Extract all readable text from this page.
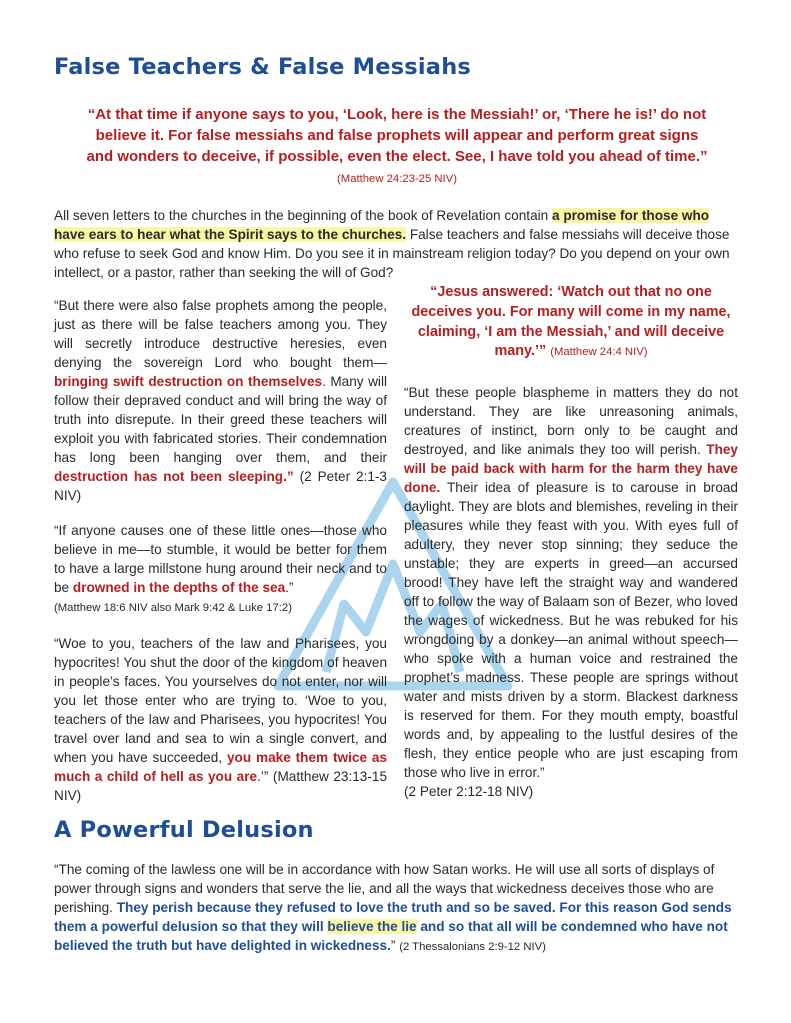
False Teachers & False Messiahs
“At that time if anyone says to you, ‘Look, here is the Messiah!’ or, ‘There he is!’ do not believe it. For false messiahs and false prophets will appear and perform great signs and wonders to deceive, if possible, even the elect. See, I have told you ahead of time.” (Matthew 24:23-25 NIV)
All seven letters to the churches in the beginning of the book of Revelation contain a promise for those who have ears to hear what the Spirit says to the churches. False teachers and false messiahs will deceive those who refuse to seek God and know Him. Do you see it in mainstream religion today? Do you depend on your own intellect, or a pastor, rather than seeking the will of God?

“But there were also false prophets among the people, just as there will be false teachers among you. They will secretly introduce destructive heresies, even denying the sovereign Lord who bought them—bringing swift destruction on themselves. Many will follow their depraved conduct and will bring the way of truth into disrepute. In their greed these teachers will exploit you with fabricated stories. Their condemnation has long been hanging over them, and their destruction has not been sleeping.” (2 Peter 2:1-3 NIV)

“If anyone causes one of these little ones—those who believe in me—to stumble, it would be better for them to have a large millstone hung around their neck and to be drowned in the depths of the sea.”
(Matthew 18:6 NIV also Mark 9:42 & Luke 17:2)

“Woe to you, teachers of the law and Pharisees, you hypocrites! You shut the door of the kingdom of heaven in people’s faces. You yourselves do not enter, nor will you let those enter who are trying to. ‘Woe to you, teachers of the law and Pharisees, you hypocrites! You travel over land and sea to win a single convert, and when you have succeeded, you make them twice as much a child of hell as you are.’” (Matthew 23:13-15 NIV)

“Jesus answered: ‘Watch out that no one deceives you. For many will come in my name, claiming, ‘I am the Messiah,’ and will deceive many.’” (Matthew 24:4 NIV)

“But these people blaspheme in matters they do not understand. They are like unreasoning animals, creatures of instinct, born only to be caught and destroyed, and like animals they too will perish. They will be paid back with harm for the harm they have done. Their idea of pleasure is to carouse in broad daylight. They are blots and blemishes, reveling in their pleasures while they feast with you. With eyes full of adultery, they never stop sinning; they seduce the unstable; they are experts in greed—an accursed brood! They have left the straight way and wandered off to follow the way of Balaam son of Bezer, who loved the wages of wickedness. But he was rebuked for his wrongdoing by a donkey—an animal without speech—who spoke with a human voice and restrained the prophet’s madness. These people are springs without water and mists driven by a storm. Blackest darkness is reserved for them. For they mouth empty, boastful words and, by appealing to the lustful desires of the flesh, they entice people who are just escaping from those who live in error.”
(2 Peter 2:12-18 NIV)

A Powerful Delusion
“The coming of the lawless one will be in accordance with how Satan works. He will use all sorts of displays of power through signs and wonders that serve the lie, and all the ways that wickedness deceives those who are perishing. They perish because they refused to love the truth and so be saved. For this reason God sends them a powerful delusion so that they will believe the lie and so that all will be condemned who have not believed the truth but have delighted in wickedness.” (2 Thessalonians 2:9-12 NIV)
